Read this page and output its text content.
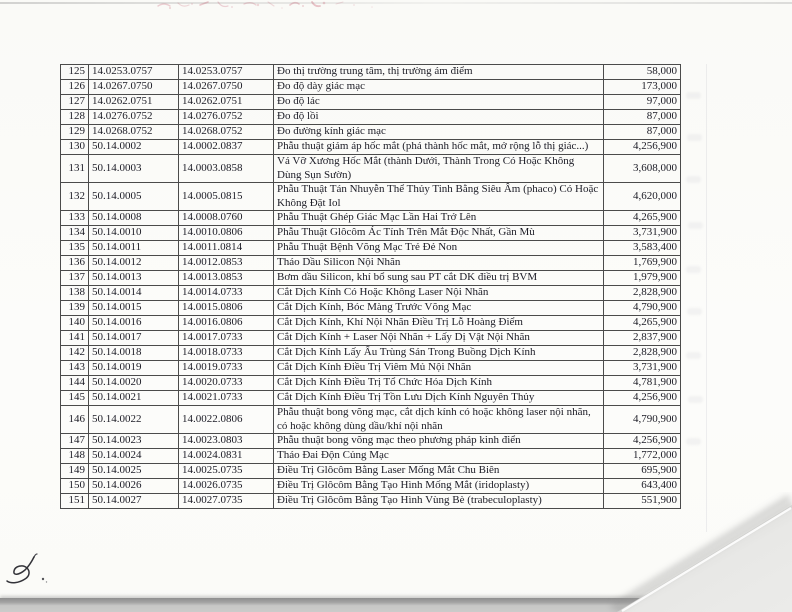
125	14.0253.0757	14.0253.0757	Đo thị trường trung tâm, thị trường ám điểm	58,000
126	14.0267.0750	14.0267.0750	Đo độ dày giác mạc	173,000
127	14.0262.0751	14.0262.0751	Đo độ lác	97,000
128	14.0276.0752	14.0276.0752	Đo độ lồi	87,000
129	14.0268.0752	14.0268.0752	Đo đường kính giác mạc	87,000
130	50.14.0002	14.0002.0837	Phẫu thuật giảm áp hốc mắt (phá thành hốc mắt, mở rộng lỗ thị giác...)	4,256,900
131	50.14.0003	14.0003.0858	Vá Vỡ Xương Hốc Mắt (thành Dưới, Thành Trong Có Hoặc Không Dùng Sụn Sườn)	3,608,000
132	50.14.0005	14.0005.0815	Phẫu Thuật Tán Nhuyễn Thể Thủy Tinh Bằng Siêu Âm (phaco) Có Hoặc Không Đặt Iol	4,620,000
133	50.14.0008	14.0008.0760	Phẫu Thuật Ghép Giác Mạc Lần Hai Trở Lên	4,265,900
134	50.14.0010	14.0010.0806	Phẫu Thuật Glôcôm Ác Tính Trên Mắt Độc Nhất, Gần Mù	3,731,900
135	50.14.0011	14.0011.0814	Phẫu Thuật Bệnh Võng Mạc Trẻ Đẻ Non	3,583,400
136	50.14.0012	14.0012.0853	Tháo Dầu Silicon Nội Nhãn	1,769,900
137	50.14.0013	14.0013.0853	Bơm dầu Silicon, khí bổ sung sau PT cắt DK điều trị BVM	1,979,900
138	50.14.0014	14.0014.0733	Cắt Dịch Kính Có Hoặc Không Laser Nội Nhãn	2,828,900
139	50.14.0015	14.0015.0806	Cắt Dịch Kính, Bóc Màng Trước Võng Mạc	4,790,900
140	50.14.0016	14.0016.0806	Cắt Dịch Kính, Khí Nội Nhãn Điều Trị Lỗ Hoàng Điểm	4,265,900
141	50.14.0017	14.0017.0733	Cắt Dịch Kính + Laser Nội Nhãn + Lấy Dị Vật Nội Nhãn	2,837,900
142	50.14.0018	14.0018.0733	Cắt Dịch Kính Lấy Ấu Trùng Sán Trong Buồng Dịch Kính	2,828,900
143	50.14.0019	14.0019.0733	Cắt Dịch Kính Điều Trị Viêm Mủ Nội Nhãn	3,731,900
144	50.14.0020	14.0020.0733	Cắt Dịch Kính Điều Trị Tổ Chức Hóa Dịch Kính	4,781,900
145	50.14.0021	14.0021.0733	Cắt Dịch Kính Điều Trị Tồn Lưu Dịch Kính Nguyên Thủy	4,256,900
146	50.14.0022	14.0022.0806	Phẫu thuật bong võng mạc, cắt dịch kính có hoặc không laser nội nhãn, có hoặc không dùng dầu/khí nội nhãn	4,790,900
147	50.14.0023	14.0023.0803	Phẫu thuật bong võng mạc theo phương pháp kinh điển	4,256,900
148	50.14.0024	14.0024.0831	Tháo Đai Độn Củng Mạc	1,772,000
149	50.14.0025	14.0025.0735	Điều Trị Glôcôm Bằng Laser Mống Mắt Chu Biên	695,900
150	50.14.0026	14.0026.0735	Điều Trị Glôcôm Bằng Tạo Hình Mống Mắt (iridoplasty)	643,400
151	50.14.0027	14.0027.0735	Điều Trị Glôcôm Bằng Tạo Hình Vùng Bè (trabeculoplasty)	551,900
